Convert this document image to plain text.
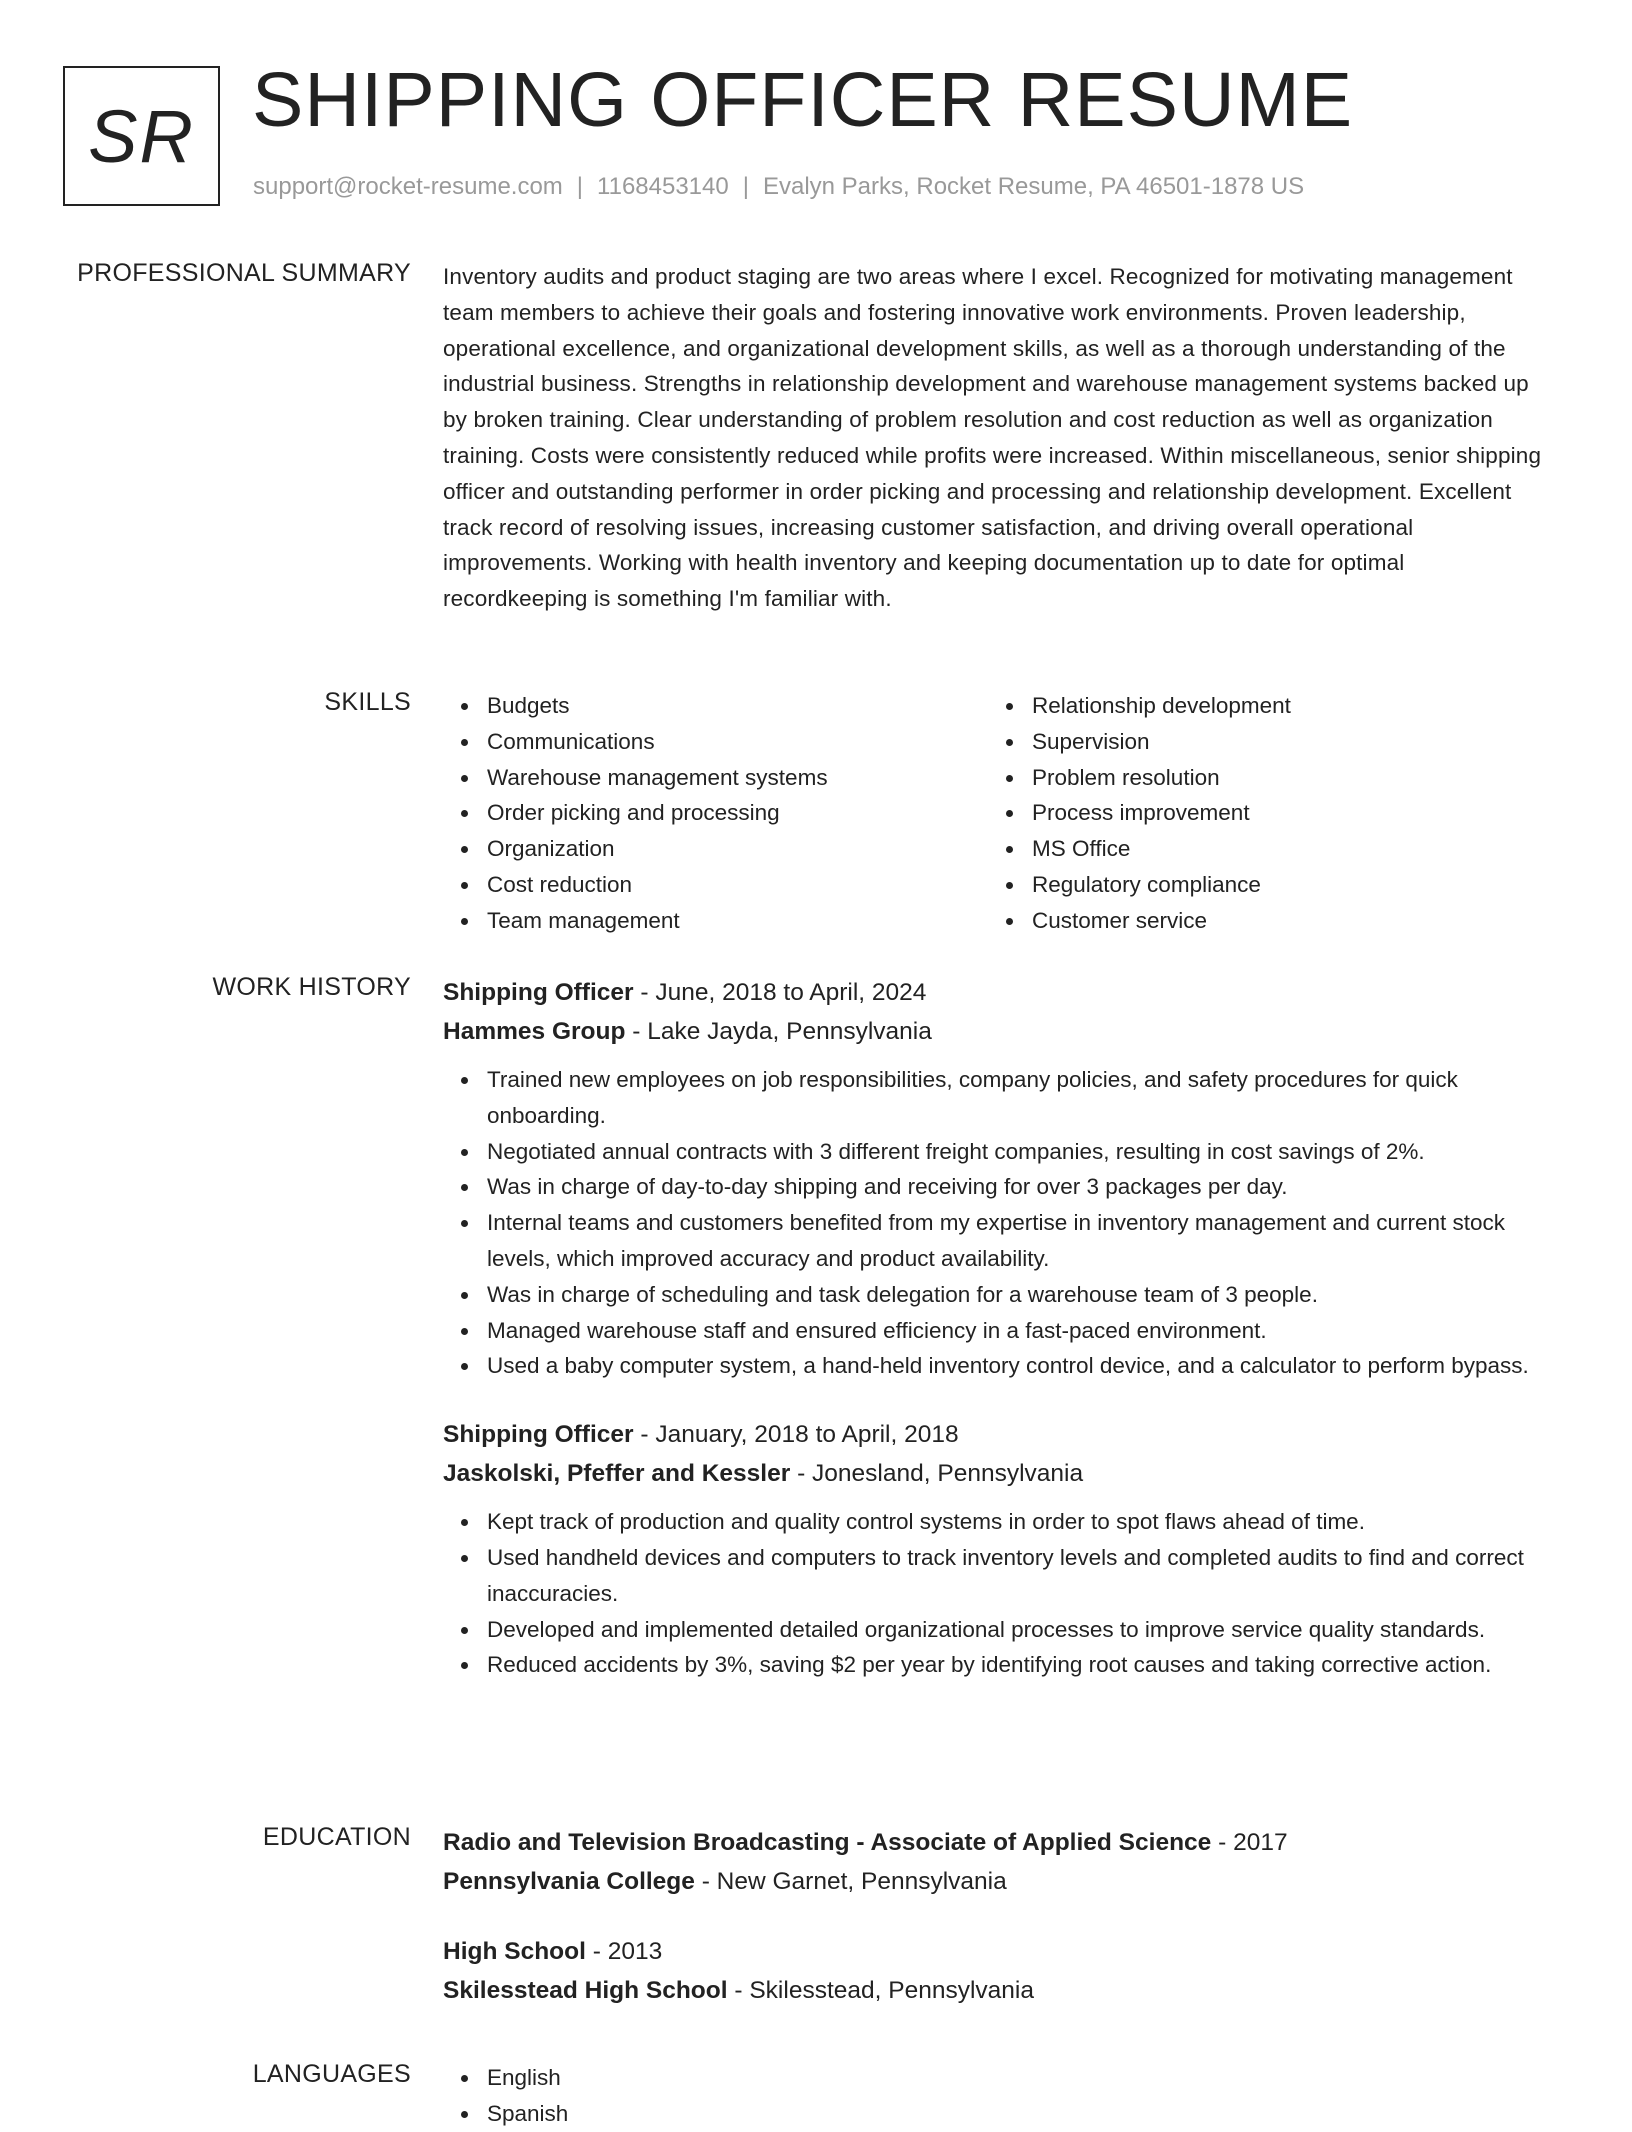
SR SHIPPING OFFICER RESUME
support@rocket-resume.com | 1168453140 | Evalyn Parks, Rocket Resume, PA 46501-1878 US
PROFESSIONAL SUMMARY Inventory audits and product staging are two areas where I excel. Recognized for motivating management team members to achieve their goals and fostering innovative work environments. Proven leadership, operational excellence, and organizational development skills, as well as a thorough understanding of the industrial business. Strengths in relationship development and warehouse management systems backed up by broken training. Clear understanding of problem resolution and cost reduction as well as organization training. Costs were consistently reduced while profits were increased. Within miscellaneous, senior shipping officer and outstanding performer in order picking and processing and relationship development. Excellent track record of resolving issues, increasing customer satisfaction, and driving overall operational improvements. Working with health inventory and keeping documentation up to date for optimal recordkeeping is something I'm familiar with.

SKILLS	Budgets
Communications
Warehouse management systems
Order picking and processing
Organization
Cost reduction
Team management
Relationship development
Supervision
Problem resolution
Process improvement
MS Office
Regulatory compliance
Customer service
WORK HISTORY Shipping Officer - June, 2018 to April, 2024
Hammes Group - Lake Jayda, Pennsylvania
Trained new employees on job responsibilities, company policies, and safety procedures for quick onboarding.
Negotiated annual contracts with 3 different freight companies, resulting in cost savings of 2%.
Was in charge of day-to-day shipping and receiving for over 3 packages per day.
Internal teams and customers benefited from my expertise in inventory management and current stock levels, which improved accuracy and product availability.
Was in charge of scheduling and task delegation for a warehouse team of 3 people.
Managed warehouse staff and ensured efficiency in a fast-paced environment.
Used a baby computer system, a hand-held inventory control device, and a calculator to perform bypass.
Shipping Officer - January, 2018 to April, 2018
Jaskolski, Pfeffer and Kessler - Jonesland, Pennsylvania
Kept track of production and quality control systems in order to spot flaws ahead of time.
Used handheld devices and computers to track inventory levels and completed audits to find and correct inaccuracies.
Developed and implemented detailed organizational processes to improve service quality standards.
Reduced accidents by 3%, saving $2 per year by identifying root causes and taking corrective action.
EDUCATION Radio and Television Broadcasting - Associate of Applied Science - 2017
Pennsylvania College - New Garnet, Pennsylvania
High School - 2013
Skilesstead High School - Skilesstead, Pennsylvania
LANGUAGES	English
Spanish
